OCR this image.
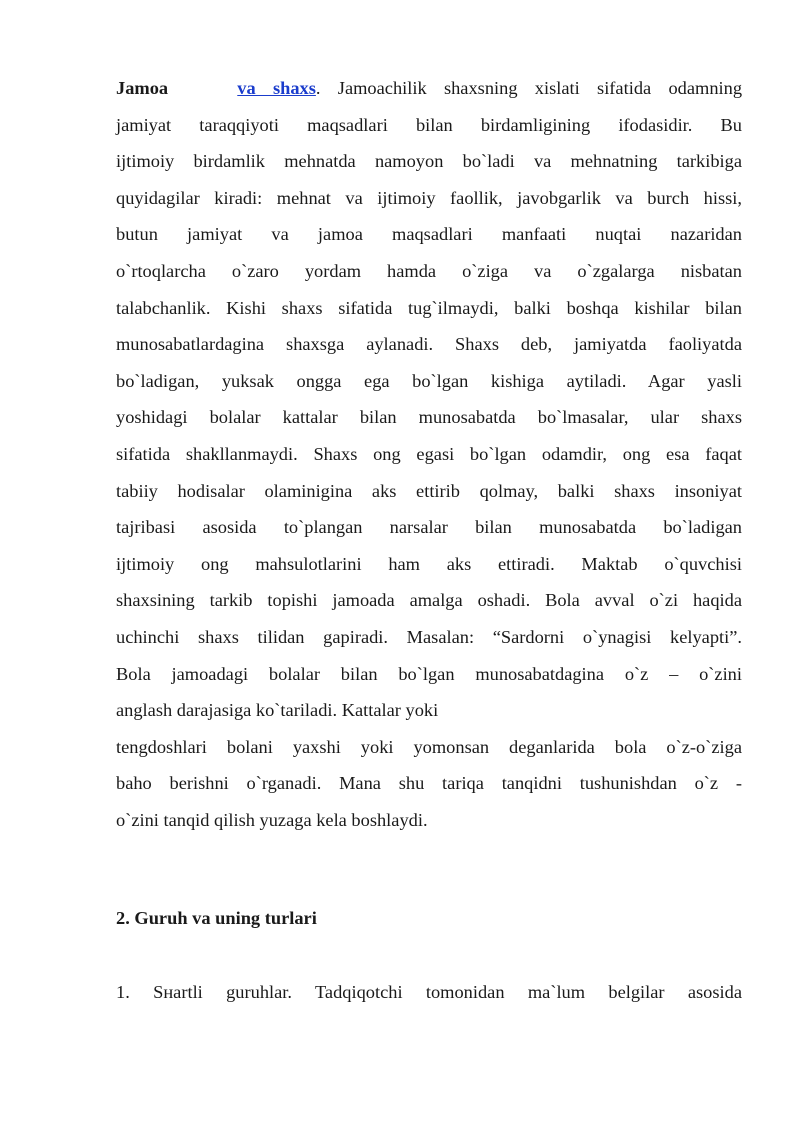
Jamoa	va shaxs. Jamoachilik shaxsning xislati sifatida odamning
jamiyat taraqqiyoti maqsadlari bilan birdamligining ifodasidir. Bu
ijtimoiy birdamlik mehnatda namoyon bo`ladi va mehnatning tarkibiga
quyidagilar kiradi: mehnat va ijtimoiy faollik, javobgarlik va burch hissi,
butun jamiyat va jamoa maqsadlari manfaati nuqtai nazaridan
o`rtoqlarcha o`zaro yordam hamda o`ziga va o`zgalarga nisbatan
talabchanlik. Kishi shaxs sifatida tug`ilmaydi, balki boshqa kishilar bilan
munosabatlardagina shaxsga aylanadi. Shaxs deb, jamiyatda faoliyatda
bo`ladigan, yuksak ongga ega bo`lgan kishiga aytiladi. Agar yasli
yoshidagi bolalar kattalar bilan munosabatda bo`lmasalar, ular shaxs
sifatida shakllanmaydi. Shaxs ong egasi bo`lgan odamdir, ong esa faqat
tabiiy hodisalar olaminigina aks ettirib qolmay, balki shaxs insoniyat
tajribasi asosida to`plangan narsalar bilan munosabatda bo`ladigan
ijtimoiy ong mahsulotlarini ham aks ettiradi. Maktab o`quvchisi
shaxsining tarkib topishi jamoada amalga oshadi. Bola avval o`zi haqida
uchinchi shaxs tilidan gapiradi. Masalan: “Sardorni o`ynagisi kelyapti”.
Bola jamoadagi bolalar bilan bo`lgan munosabatdagina o`z – o`zini
anglash darajasiga ko`tariladi. Kattalar yoki
tengdoshlari bolani yaxshi yoki yomonsan deganlarida bola o`z-o`ziga
baho berishni o`rganadi. Mana shu tariqa tanqidni tushunishdan o`z -
o`zini tanqid qilish yuzaga kela boshlaydi.
2. Guruh va uning turlari
1. Sнartli guruhlar. Tadqiqotchi tomonidan ma`lum belgilar asosida
